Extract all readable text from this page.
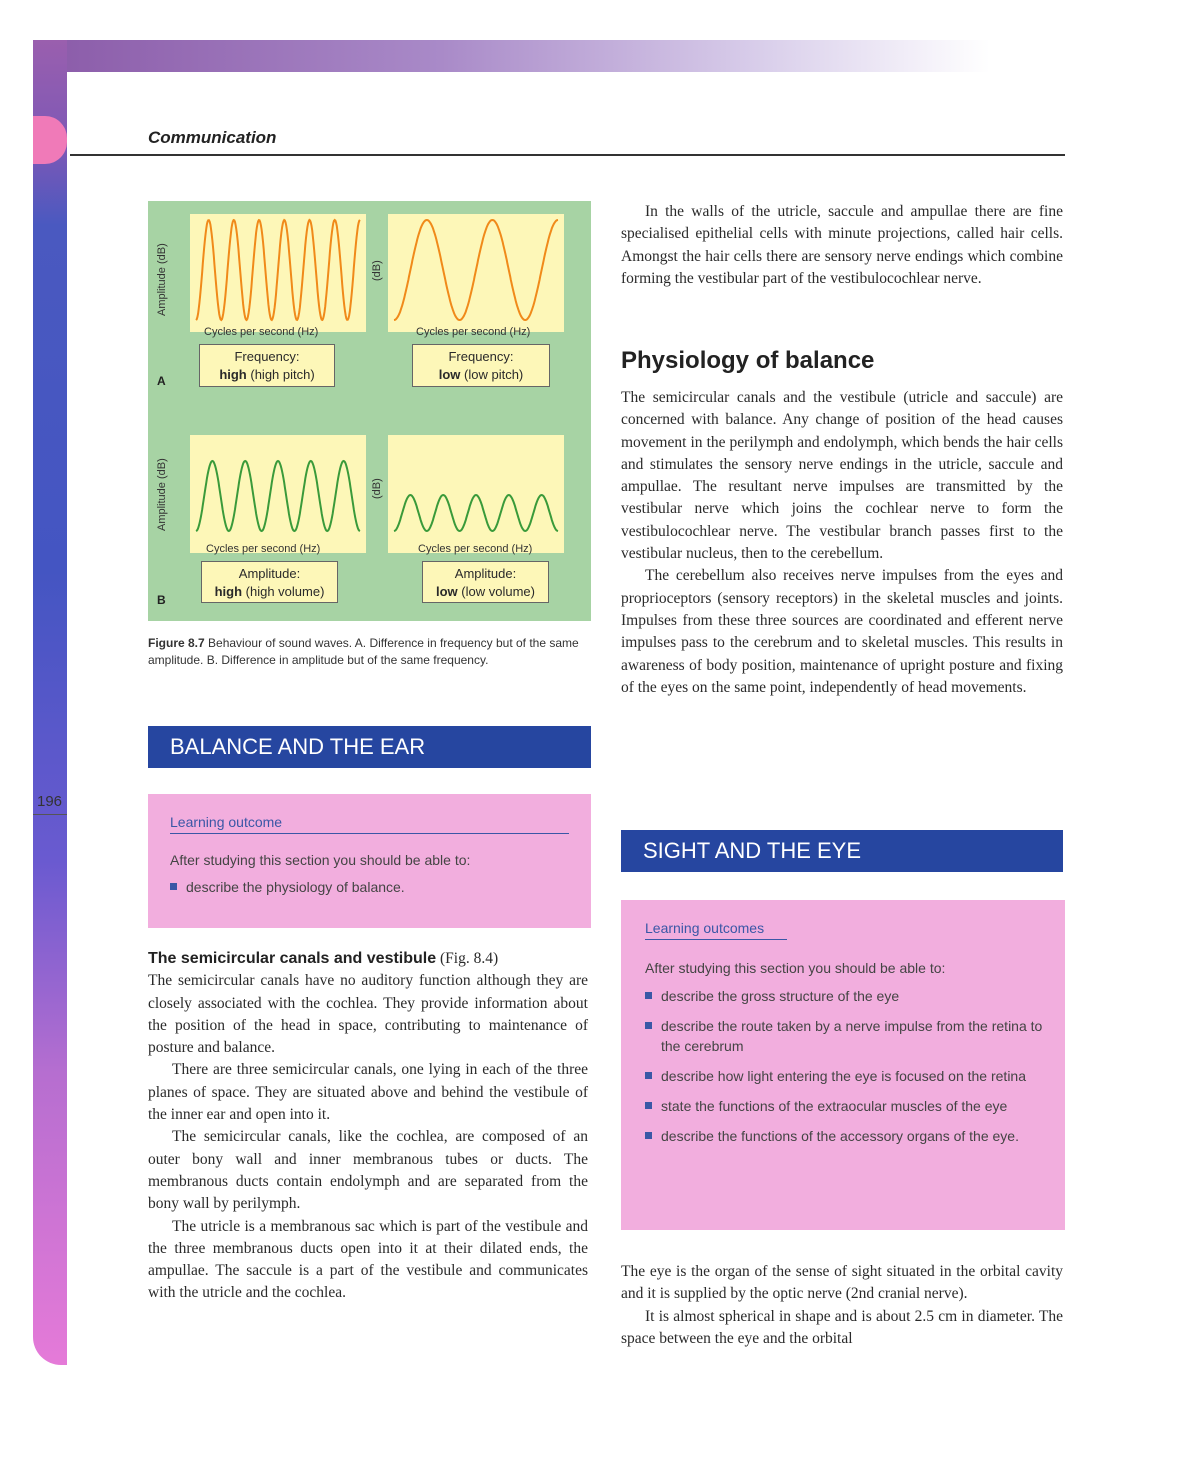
Communication
196
Amplitude (dB)	(dB)
Cycles per second (Hz)	Cycles per second (Hz)
Frequency:
high (high pitch)
Frequency:
low (low pitch)
A
Amplitude (dB)	(dB)
Cycles per second (Hz)	Cycles per second (Hz)
Amplitude:
high (high volume)
Amplitude:
low (low volume)
B
Figure 8.7 Behaviour of sound waves. A. Difference in frequency but of the same amplitude. B. Difference in amplitude but of the same frequency.
BALANCE AND THE EAR
Learning outcome
After studying this section you should be able to:
describe the physiology of balance.

The semicircular canals and vestibule (Fig. 8.4)

The semicircular canals have no auditory function although they are closely associated with the cochlea. They provide information about the position of the head in space, contributing to maintenance of posture and balance.

There are three semicircular canals, one lying in each of the three planes of space. They are situated above and behind the vestibule of the inner ear and open into it.

The semicircular canals, like the cochlea, are composed of an outer bony wall and inner membranous tubes or ducts. The membranous ducts contain endolymph and are separated from the bony wall by perilymph.

The utricle is a membranous sac which is part of the vestibule and the three membranous ducts open into it at their dilated ends, the ampullae. The saccule is a part of the vestibule and communicates with the utricle and the cochlea.

In the walls of the utricle, saccule and ampullae there are fine specialised epithelial cells with minute projections, called hair cells. Amongst the hair cells there are sensory nerve endings which combine forming the vestibular part of the vestibulocochlear nerve.

Physiology of balance

The semicircular canals and the vestibule (utricle and saccule) are concerned with balance. Any change of position of the head causes movement in the perilymph and endolymph, which bends the hair cells and stimulates the sensory nerve endings in the utricle, saccule and ampullae. The resultant nerve impulses are transmitted by the vestibular nerve which joins the cochlear nerve to form the vestibulocochlear nerve. The vestibular branch passes first to the vestibular nucleus, then to the cerebellum.

The cerebellum also receives nerve impulses from the eyes and proprioceptors (sensory receptors) in the skeletal muscles and joints. Impulses from these three sources are coordinated and efferent nerve impulses pass to the cerebrum and to skeletal muscles. This results in awareness of body position, maintenance of upright posture and fixing of the eyes on the same point, independently of head movements.

SIGHT AND THE EYE
Learning outcomes
After studying this section you should be able to:
describe the gross structure of the eye
describe the route taken by a nerve impulse from the retina to the cerebrum
describe how light entering the eye is focused on the retina
state the functions of the extraocular muscles of the eye
describe the functions of the accessory organs of the eye.

The eye is the organ of the sense of sight situated in the orbital cavity and it is supplied by the optic nerve (2nd cranial nerve).

It is almost spherical in shape and is about 2.5 cm in diameter. The space between the eye and the orbital
